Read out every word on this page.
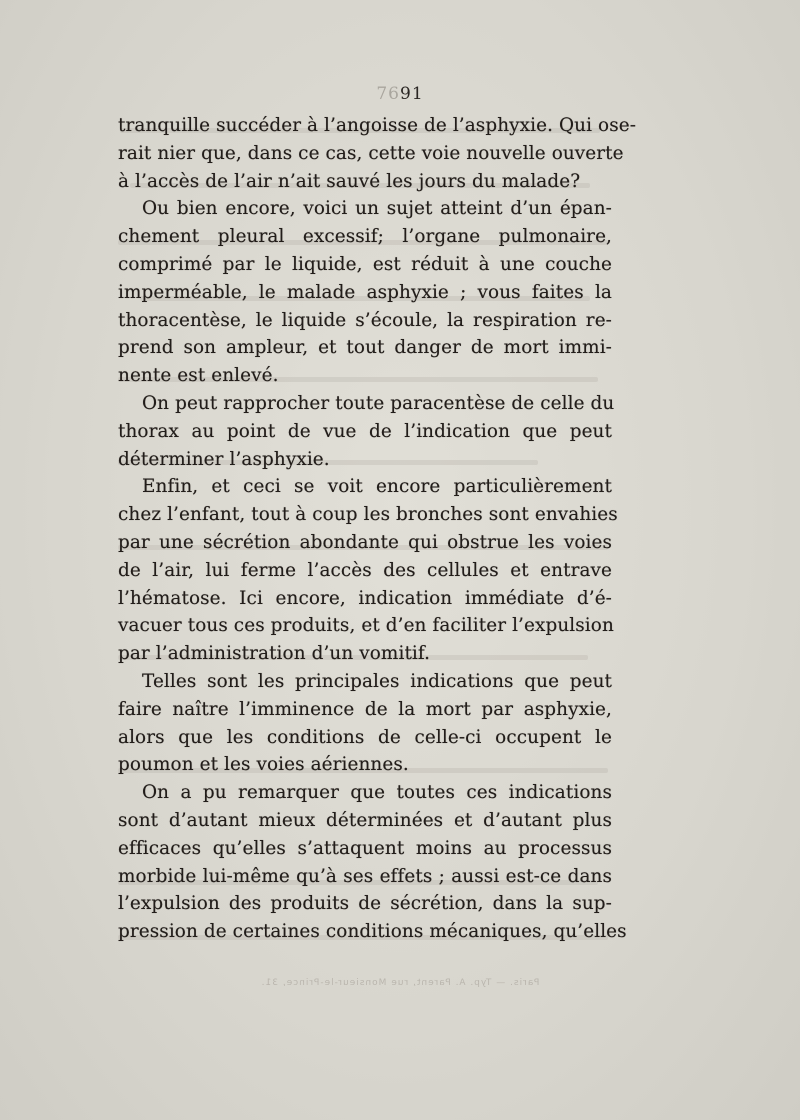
7691
tranquille succéder à l’angoisse de l’asphyxie. Qui ose-
rait nier que, dans ce cas, cette voie nouvelle ouverte
à l’accès de l’air n’ait sauvé les jours du malade?
Ou bien encore, voici un sujet atteint d’un épan-
chement pleural excessif; l’organe pulmonaire,
comprimé par le liquide, est réduit à une couche
imperméable, le malade asphyxie ; vous faites la
thoracentèse, le liquide s’écoule, la respiration re-
prend son ampleur, et tout danger de mort immi-
nente est enlevé.
On peut rapprocher toute paracentèse de celle du
thorax au point de vue de l’indication que peut
déterminer l’asphyxie.
Enfin, et ceci se voit encore particulièrement
chez l’enfant, tout à coup les bronches sont envahies
par une sécrétion abondante qui obstrue les voies
de l’air, lui ferme l’accès des cellules et entrave
l’hématose. Ici encore, indication immédiate d’é-
vacuer tous ces produits, et d’en faciliter l’expulsion
par l’administration d’un vomitif.
Telles sont les principales indications que peut
faire naître l’imminence de la mort par asphyxie,
alors que les conditions de celle-ci occupent le
poumon et les voies aériennes.
On a pu remarquer que toutes ces indications
sont d’autant mieux déterminées et d’autant plus
efficaces qu’elles s’attaquent moins au processus
morbide lui-même qu’à ses effets ; aussi est-ce dans
l’expulsion des produits de sécrétion, dans la sup-
pression de certaines conditions mécaniques, qu’elles
Paris. — Typ. A. Parent, rue Monsieur-le-Prince, 31.
